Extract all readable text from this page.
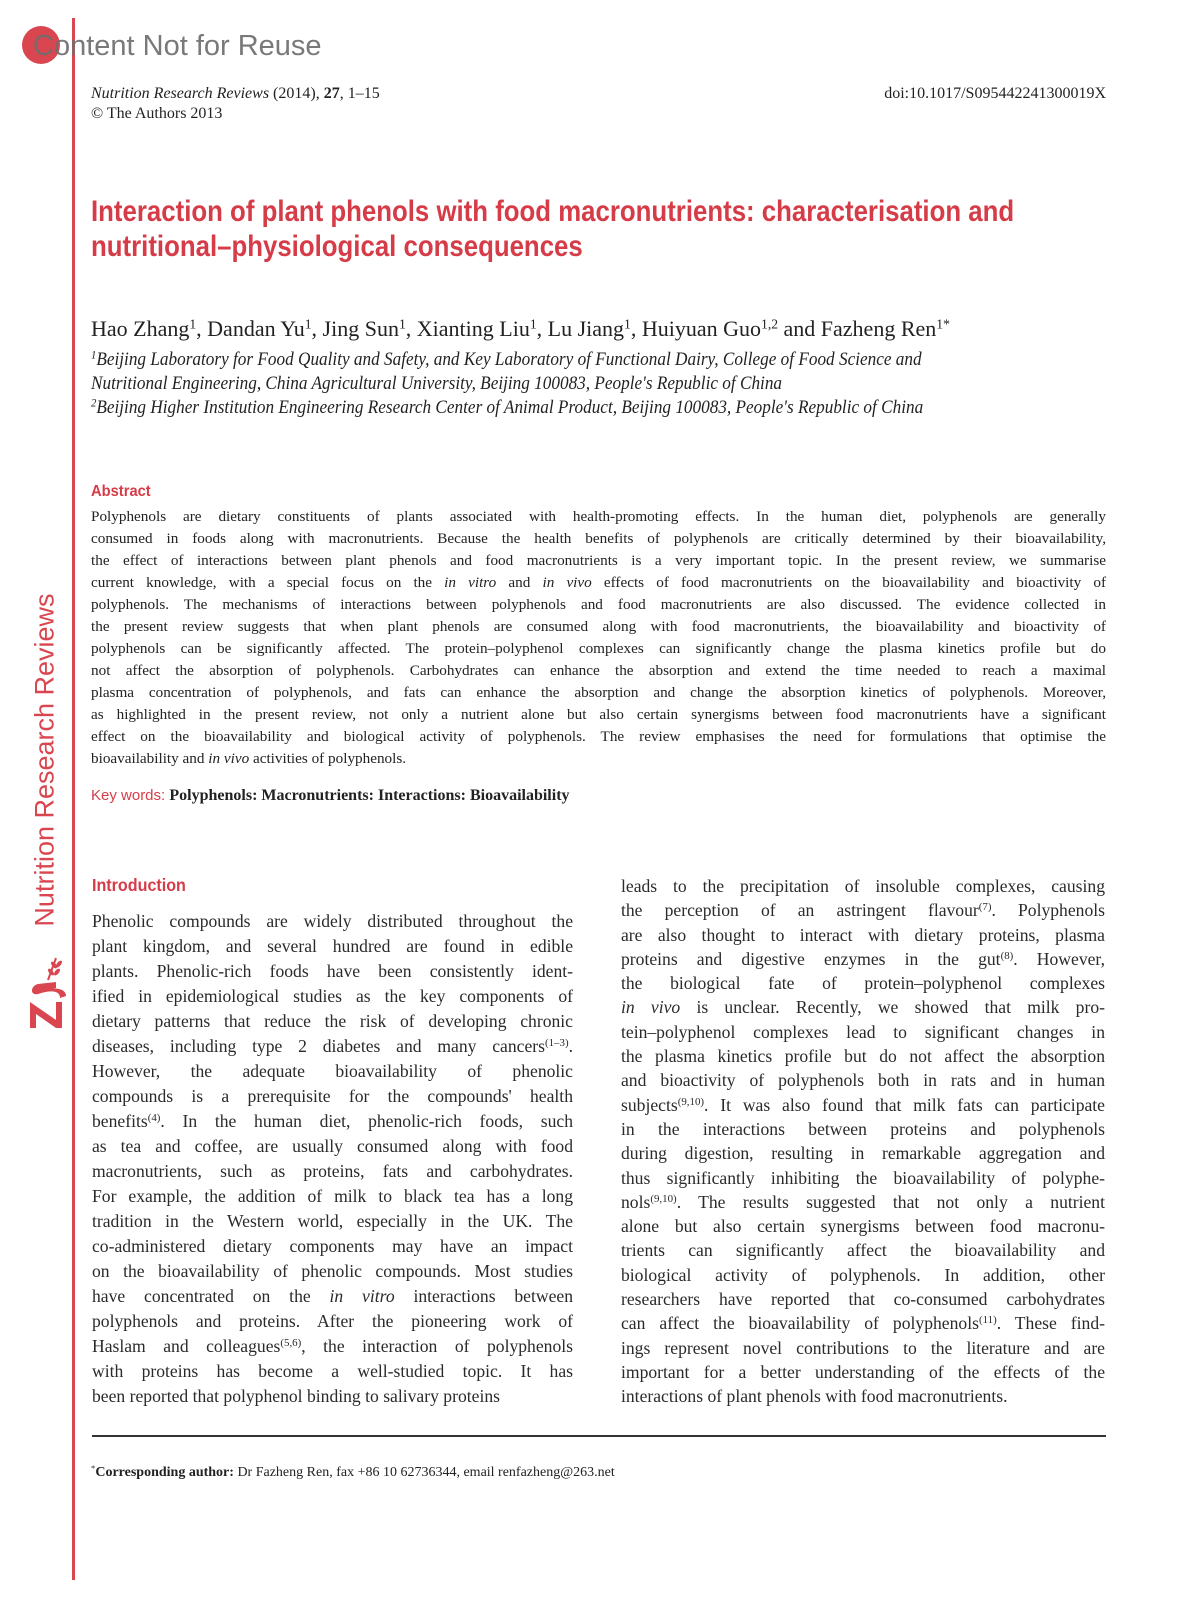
Content Not for Reuse
Nutrition Research Reviews (2014), 27, 1–15
© The Authors 2013
doi:10.1017/S095442241300019X
Nutrition Research Reviews
Interaction of plant phenols with food macronutrients: characterisation and
nutritional–physiological consequences
Hao Zhang$^1$, Dandan Yu$^1$, Jing Sun$^1$, Xianting Liu$^1$, Lu Jiang$^1$, Huiyuan Guo$^{1,2}$ and Fazheng Ren$^{1*}$
$^1$Beijing Laboratory for Food Quality and Safety, and Key Laboratory of Functional Dairy, College of Food Science and
Nutritional Engineering, China Agricultural University, Beijing 100083, People's Republic of China
$^2$Beijing Higher Institution Engineering Research Center of Animal Product, Beijing 100083, People's Republic of China
Abstract
Polyphenols are dietary constituents of plants associated with health-promoting effects. In the human diet, polyphenols are generally
consumed in foods along with macronutrients. Because the health benefits of polyphenols are critically determined by their bioavailability,
the effect of interactions between plant phenols and food macronutrients is a very important topic. In the present review, we summarise
current knowledge, with a special focus on the in vitro and in vivo effects of food macronutrients on the bioavailability and bioactivity of
polyphenols. The mechanisms of interactions between polyphenols and food macronutrients are also discussed. The evidence collected in
the present review suggests that when plant phenols are consumed along with food macronutrients, the bioavailability and bioactivity of
polyphenols can be significantly affected. The protein–polyphenol complexes can significantly change the plasma kinetics profile but do
not affect the absorption of polyphenols. Carbohydrates can enhance the absorption and extend the time needed to reach a maximal
plasma concentration of polyphenols, and fats can enhance the absorption and change the absorption kinetics of polyphenols. Moreover,
as highlighted in the present review, not only a nutrient alone but also certain synergisms between food macronutrients have a significant
effect on the bioavailability and biological activity of polyphenols. The review emphasises the need for formulations that optimise the
bioavailability and in vivo activities of polyphenols.
Key words: Polyphenols: Macronutrients: Interactions: Bioavailability
Introduction
Phenolic compounds are widely distributed throughout the
plant kingdom, and several hundred are found in edible
plants. Phenolic-rich foods have been consistently ident-
ified in epidemiological studies as the key components of
dietary patterns that reduce the risk of developing chronic
diseases, including type 2 diabetes and many cancers$^{(1-3)}$.
However, the adequate bioavailability of phenolic
compounds is a prerequisite for the compounds' health
benefits$^{(4)}$. In the human diet, phenolic-rich foods, such
as tea and coffee, are usually consumed along with food
macronutrients, such as proteins, fats and carbohydrates.
For example, the addition of milk to black tea has a long
tradition in the Western world, especially in the UK. The
co-administered dietary components may have an impact
on the bioavailability of phenolic compounds. Most studies
have concentrated on the in vitro interactions between
polyphenols and proteins. After the pioneering work of
Haslam and colleagues$^{(5,6)}$, the interaction of polyphenols
with proteins has become a well-studied topic. It has
been reported that polyphenol binding to salivary proteins
leads to the precipitation of insoluble complexes, causing
the perception of an astringent flavour$^{(7)}$. Polyphenols
are also thought to interact with dietary proteins, plasma
proteins and digestive enzymes in the gut$^{(8)}$. However,
the biological fate of protein–polyphenol complexes
in vivo is unclear. Recently, we showed that milk pro-
tein–polyphenol complexes lead to significant changes in
the plasma kinetics profile but do not affect the absorption
and bioactivity of polyphenols both in rats and in human
subjects$^{(9,10)}$. It was also found that milk fats can participate
in the interactions between proteins and polyphenols
during digestion, resulting in remarkable aggregation and
thus significantly inhibiting the bioavailability of polyphe-
nols$^{(9,10)}$. The results suggested that not only a nutrient
alone but also certain synergisms between food macronu-
trients can significantly affect the bioavailability and
biological activity of polyphenols. In addition, other
researchers have reported that co-consumed carbohydrates
can affect the bioavailability of polyphenols$^{(11)}$. These find-
ings represent novel contributions to the literature and are
important for a better understanding of the effects of the
interactions of plant phenols with food macronutrients.
*Corresponding author: Dr Fazheng Ren, fax +86 10 62736344, email renfazheng@263.net
